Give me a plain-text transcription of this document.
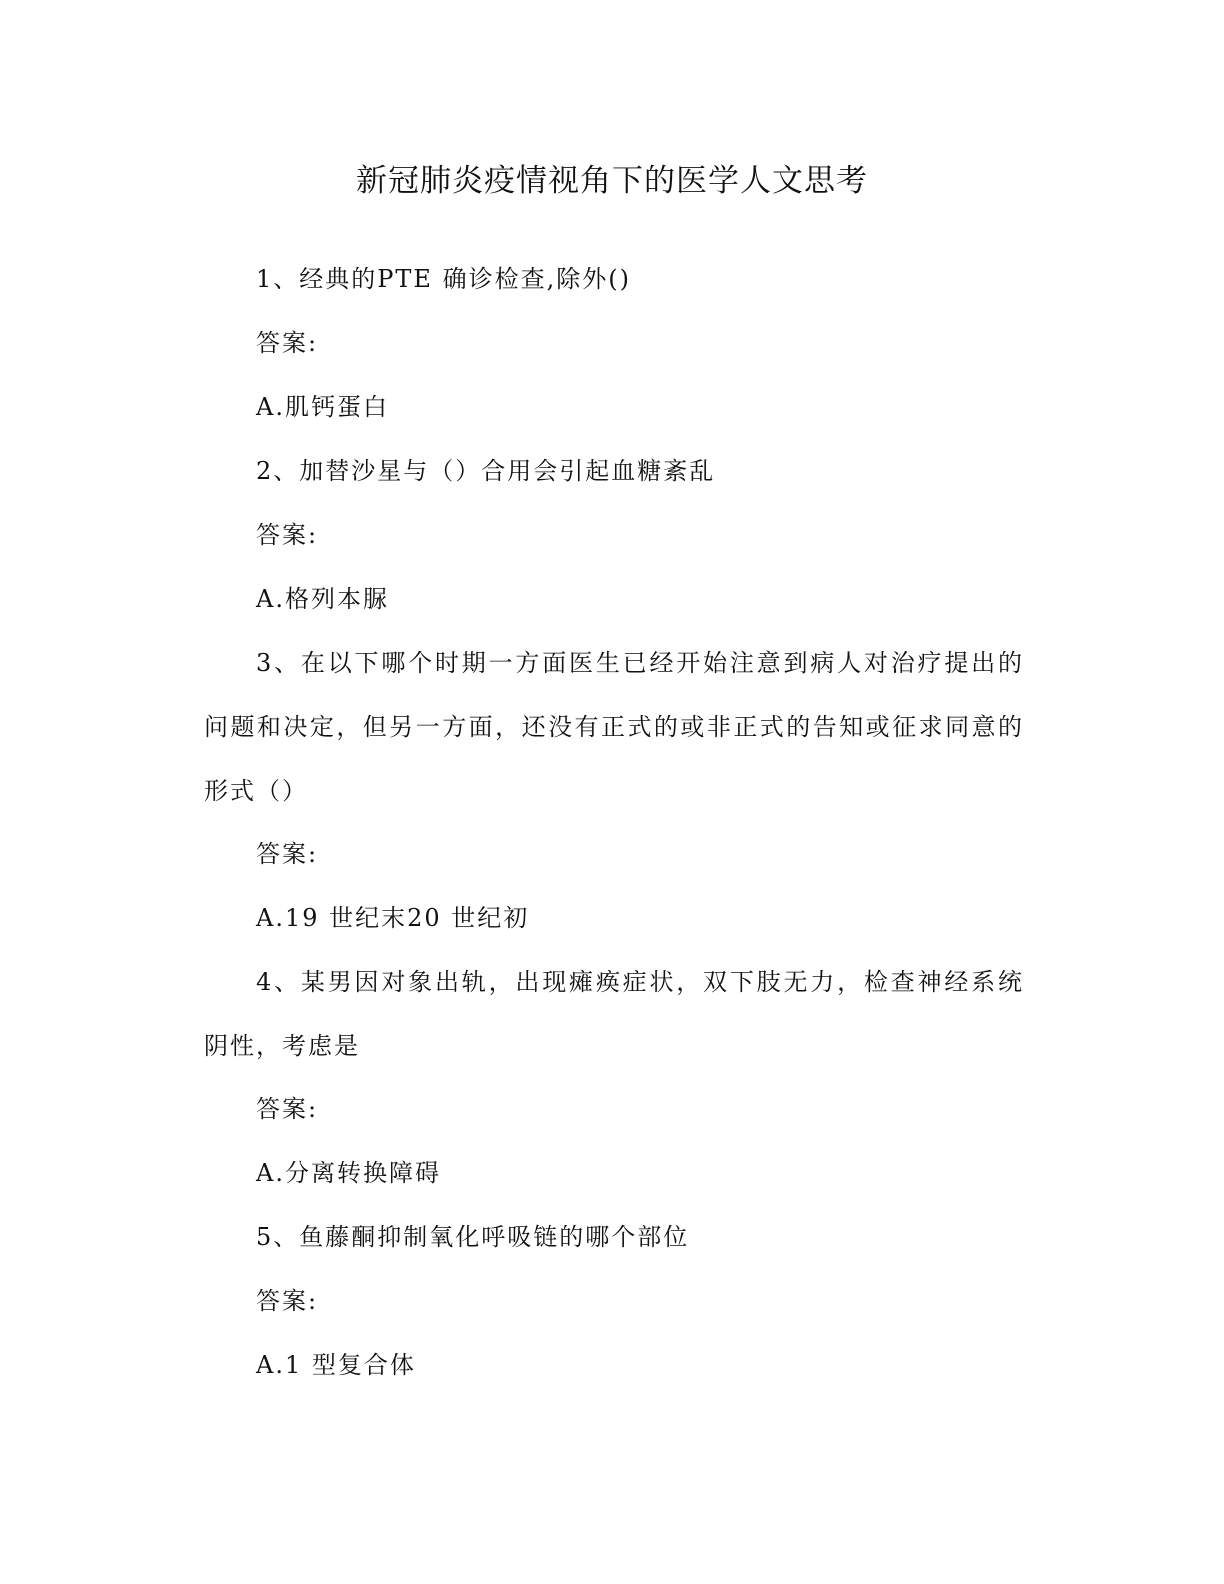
新冠肺炎疫情视角下的医学人文思考
1、经典的PTE 确诊检查,除外()
答案:
A.肌钙蛋白
2、加替沙星与（）合用会引起血糖紊乱
答案:
A.格列本脲

3、在以下哪个时期一方面医生已经开始注意到病人对治疗提出的问题和决定，但另一方面，还没有正式的或非正式的告知或征求同意的形式（）

答案:
A.19 世纪末20 世纪初

4、某男因对象出轨，出现瘫痪症状，双下肢无力，检查神经系统阴性，考虑是

答案:
A.分离转换障碍
5、鱼藤酮抑制氧化呼吸链的哪个部位
答案:
A.1 型复合体
